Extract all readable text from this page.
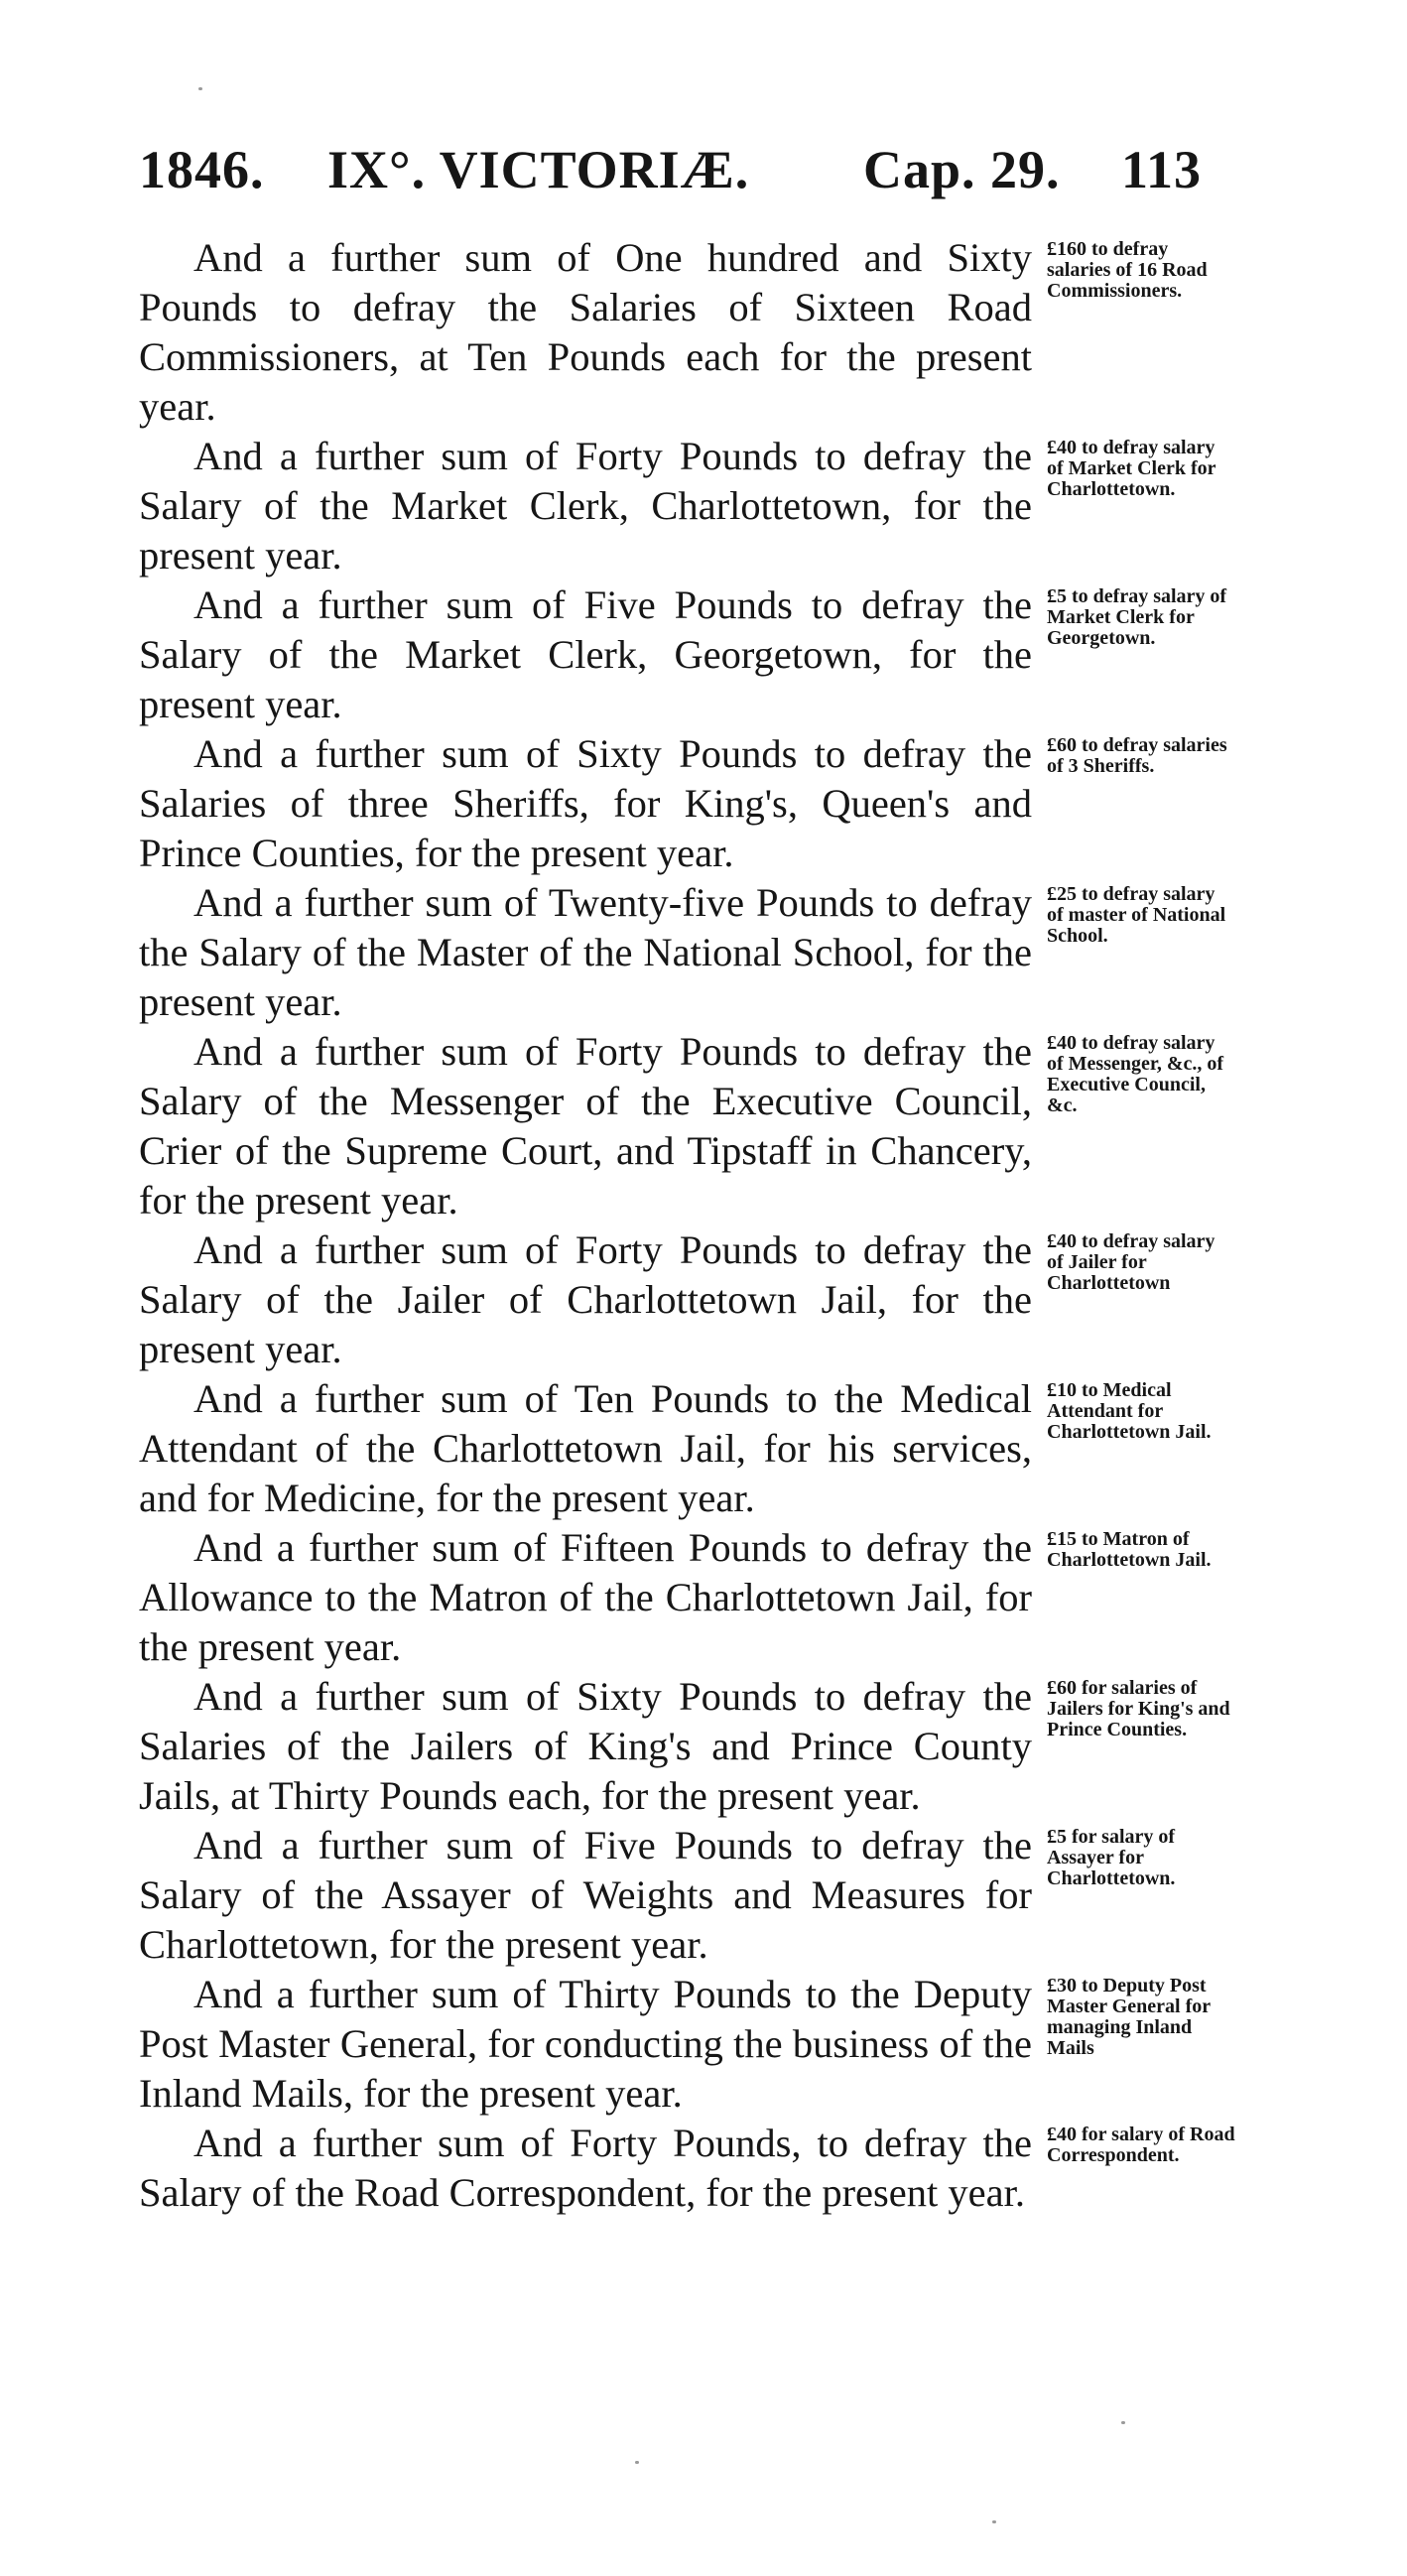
1846. IX°. VICTORIÆ. Cap. 29. 113

And a further sum of One hundred and Sixty Pounds to defray the Salaries of Sixteen Road Commissioners, at Ten Pounds each for the present year.

£160 to defray salaries of 16 Road Commissioners.

And a further sum of Forty Pounds to defray the Salary of the Market Clerk, Charlottetown, for the present year.

£40 to defray salary of Market Clerk for Charlottetown.

And a further sum of Five Pounds to defray the Salary of the Market Clerk, Georgetown, for the present year.

£5 to defray salary of Market Clerk for Georgetown.

And a further sum of Sixty Pounds to defray the Salaries of three Sheriffs, for King's, Queen's and Prince Counties, for the present year.

£60 to defray salaries of 3 Sheriffs.

And a further sum of Twenty-five Pounds to defray the Salary of the Master of the National School, for the present year.

£25 to defray salary of master of National School.

And a further sum of Forty Pounds to defray the Salary of the Messenger of the Executive Council, Crier of the Supreme Court, and Tipstaff in Chancery, for the present year.

£40 to defray salary of Messenger, &c., of Executive Council, &c.

And a further sum of Forty Pounds to defray the Salary of the Jailer of Charlottetown Jail, for the present year.

£40 to defray salary of Jailer for Charlottetown

And a further sum of Ten Pounds to the Medical Attendant of the Charlottetown Jail, for his services, and for Medicine, for the present year.

£10 to Medical Attendant for Charlottetown Jail.

And a further sum of Fifteen Pounds to defray the Allowance to the Matron of the Charlottetown Jail, for the present year.

£15 to Matron of Charlottetown Jail.

And a further sum of Sixty Pounds to defray the Salaries of the Jailers of King's and Prince County Jails, at Thirty Pounds each, for the present year.

£60 for salaries of Jailers for King's and Prince Counties.

And a further sum of Five Pounds to defray the Salary of the Assayer of Weights and Measures for Charlottetown, for the present year.

£5 for salary of Assayer for Charlottetown.

And a further sum of Thirty Pounds to the Deputy Post Master General, for conducting the business of the Inland Mails, for the present year.

£30 to Deputy Post Master General for managing Inland Mails

And a further sum of Forty Pounds, to defray the Salary of the Road Correspondent, for the present year.

£40 for salary of Road Correspondent.
